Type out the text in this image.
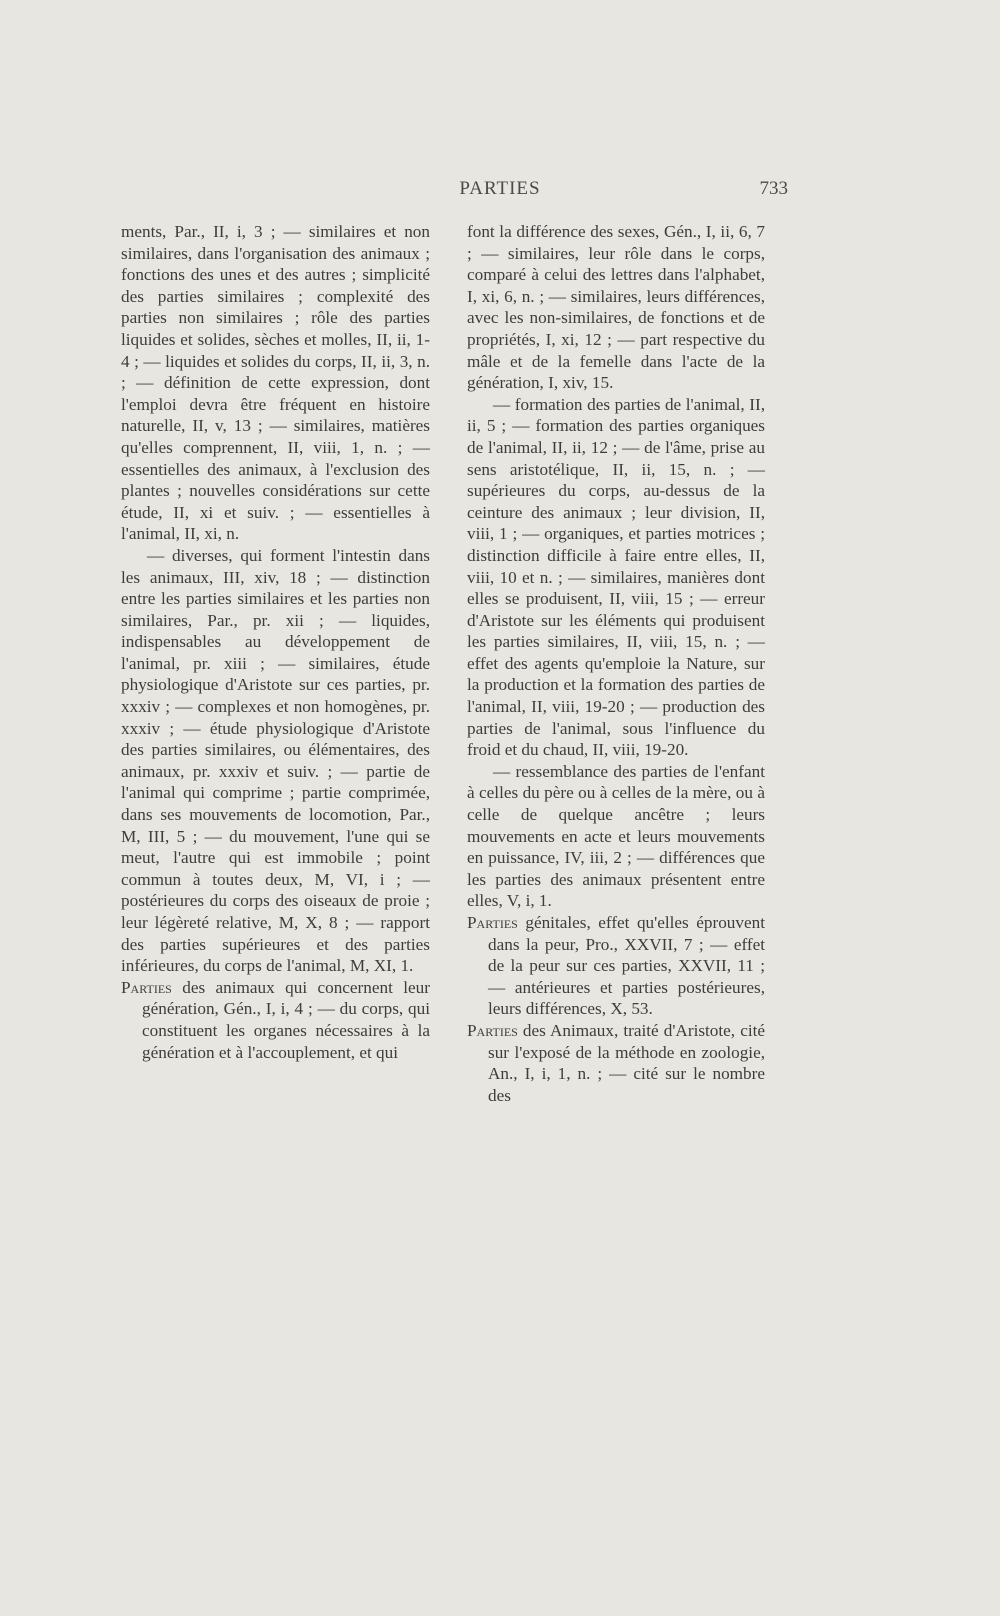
PARTIES	733

ments, Par., II, i, 3 ; — similaires et non similaires, dans l'organisation des animaux ; fonctions des unes et des autres ; simplicité des parties similaires ; complexité des parties non similaires ; rôle des parties liquides et solides, sèches et molles, II, ii, 1-4 ; — liquides et solides du corps, II, ii, 3, n. ; — définition de cette expression, dont l'emploi devra être fréquent en histoire naturelle, II, v, 13 ; — similaires, matières qu'elles comprennent, II, viii, 1, n. ; — essentielles des animaux, à l'exclusion des plantes ; nouvelles considérations sur cette étude, II, xi et suiv. ; — essentielles à l'animal, II, xi, n.

— diverses, qui forment l'intestin dans les animaux, III, xiv, 18 ; — distinction entre les parties similaires et les parties non similaires, Par., pr. xii ; — liquides, indispensables au développement de l'animal, pr. xiii ; — similaires, étude physiologique d'Aristote sur ces parties, pr. xxxiv ; — complexes et non homogènes, pr. xxxiv ; — étude physiologique d'Aristote des parties similaires, ou élémentaires, des animaux, pr. xxxiv et suiv. ; — partie de l'animal qui comprime ; partie comprimée, dans ses mouvements de locomotion, Par., M, III, 5 ; — du mouvement, l'une qui se meut, l'autre qui est immobile ; point commun à toutes deux, M, VI, i ; — postérieures du corps des oiseaux de proie ; leur légèreté relative, M, X, 8 ; — rapport des parties supérieures et des parties inférieures, du corps de l'animal, M, XI, 1.

Parties des animaux qui concernent leur génération, Gén., I, i, 4 ; — du corps, qui constituent les organes nécessaires à la génération et à l'accouplement, et qui

font la différence des sexes, Gén., I, ii, 6, 7 ; — similaires, leur rôle dans le corps, comparé à celui des lettres dans l'alphabet, I, xi, 6, n. ; — similaires, leurs différences, avec les non-similaires, de fonctions et de propriétés, I, xi, 12 ; — part respective du mâle et de la femelle dans l'acte de la génération, I, xiv, 15.

— formation des parties de l'animal, II, ii, 5 ; — formation des parties organiques de l'animal, II, ii, 12 ; — de l'âme, prise au sens aristotélique, II, ii, 15, n. ; — supérieures du corps, au-dessus de la ceinture des animaux ; leur division, II, viii, 1 ; — organiques, et parties motrices ; distinction difficile à faire entre elles, II, viii, 10 et n. ; — similaires, manières dont elles se produisent, II, viii, 15 ; — erreur d'Aristote sur les éléments qui produisent les parties similaires, II, viii, 15, n. ; — effet des agents qu'emploie la Nature, sur la production et la formation des parties de l'animal, II, viii, 19-20 ; — production des parties de l'animal, sous l'influence du froid et du chaud, II, viii, 19-20.

— ressemblance des parties de l'enfant à celles du père ou à celles de la mère, ou à celle de quelque ancêtre ; leurs mouvements en acte et leurs mouvements en puissance, IV, iii, 2 ; — différences que les parties des animaux présentent entre elles, V, i, 1.

Parties génitales, effet qu'elles éprouvent dans la peur, Pro., XXVII, 7 ; — effet de la peur sur ces parties, XXVII, 11 ; — antérieures et parties postérieures, leurs différences, X, 53.

Parties des Animaux, traité d'Aristote, cité sur l'exposé de la méthode en zoologie, An., I, i, 1, n. ; — cité sur le nombre des
